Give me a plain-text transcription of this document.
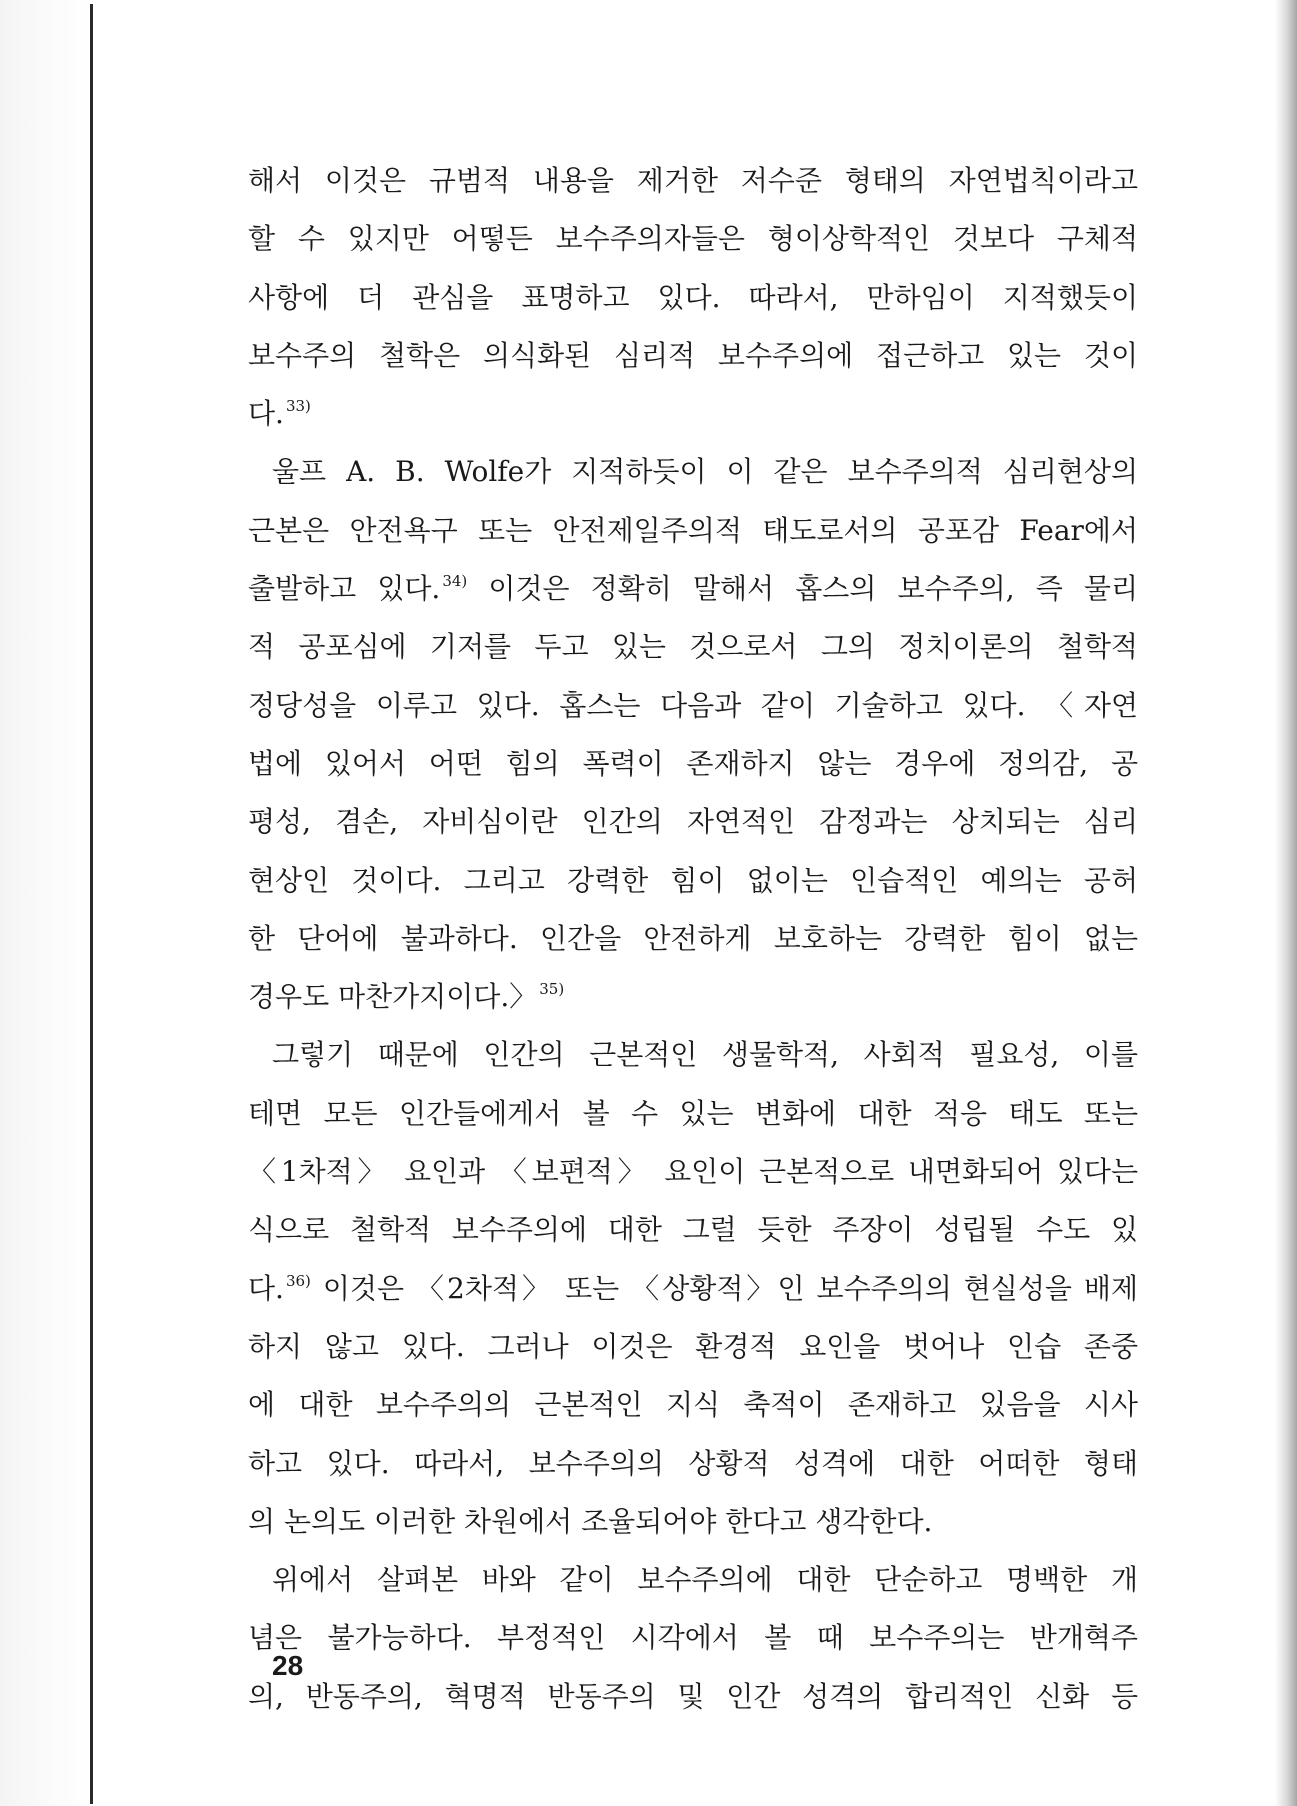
해서 이것은 규범적 내용을 제거한 저수준 형태의 자연법칙이라고
할 수 있지만 어떻든 보수주의자들은 형이상학적인 것보다 구체적
사항에 더 관심을 표명하고 있다. 따라서, 만하임이 지적했듯이
보수주의 철학은 의식화된 심리적 보수주의에 접근하고 있는 것이
다. $^{33)}$
울프 A. B. Wolfe가 지적하듯이 이 같은 보수주의적 심리현상의
근본은 안전욕구 또는 안전제일주의적 태도로서의 공포감 Fear에서
출발하고 있다. $^{34)}$ 이것은 정확히 말해서 홉스의 보수주의, 즉 물리
적 공포심에 기저를 두고 있는 것으로서 그의 정치이론의 철학적
정당성을 이루고 있다. 홉스는 다음과 같이 기술하고 있다. 〈자연
법에 있어서 어떤 힘의 폭력이 존재하지 않는 경우에 정의감, 공
평성, 겸손, 자비심이란 인간의 자연적인 감정과는 상치되는 심리
현상인 것이다. 그리고 강력한 힘이 없이는 인습적인 예의는 공허
한 단어에 불과하다. 인간을 안전하게 보호하는 강력한 힘이 없는
경우도 마찬가지이다.〉 $^{35)}$
그렇기 때문에 인간의 근본적인 생물학적, 사회적 필요성, 이를
테면 모든 인간들에게서 볼 수 있는 변화에 대한 적응 태도 또는
〈1차적〉 요인과 〈보편적〉 요인이 근본적으로 내면화되어 있다는
식으로 철학적 보수주의에 대한 그럴 듯한 주장이 성립될 수도 있
다. $^{36)}$ 이것은 〈2차적〉 또는 〈상황적〉인 보수주의의 현실성을 배제
하지 않고 있다. 그러나 이것은 환경적 요인을 벗어나 인습 존중
에 대한 보수주의의 근본적인 지식 축적이 존재하고 있음을 시사
하고 있다. 따라서, 보수주의의 상황적 성격에 대한 어떠한 형태
의 논의도 이러한 차원에서 조율되어야 한다고 생각한다.
위에서 살펴본 바와 같이 보수주의에 대한 단순하고 명백한 개
념은 불가능하다. 부정적인 시각에서 볼 때 보수주의는 반개혁주
의, 반동주의, 혁명적 반동주의 및 인간 성격의 합리적인 신화 등
28
